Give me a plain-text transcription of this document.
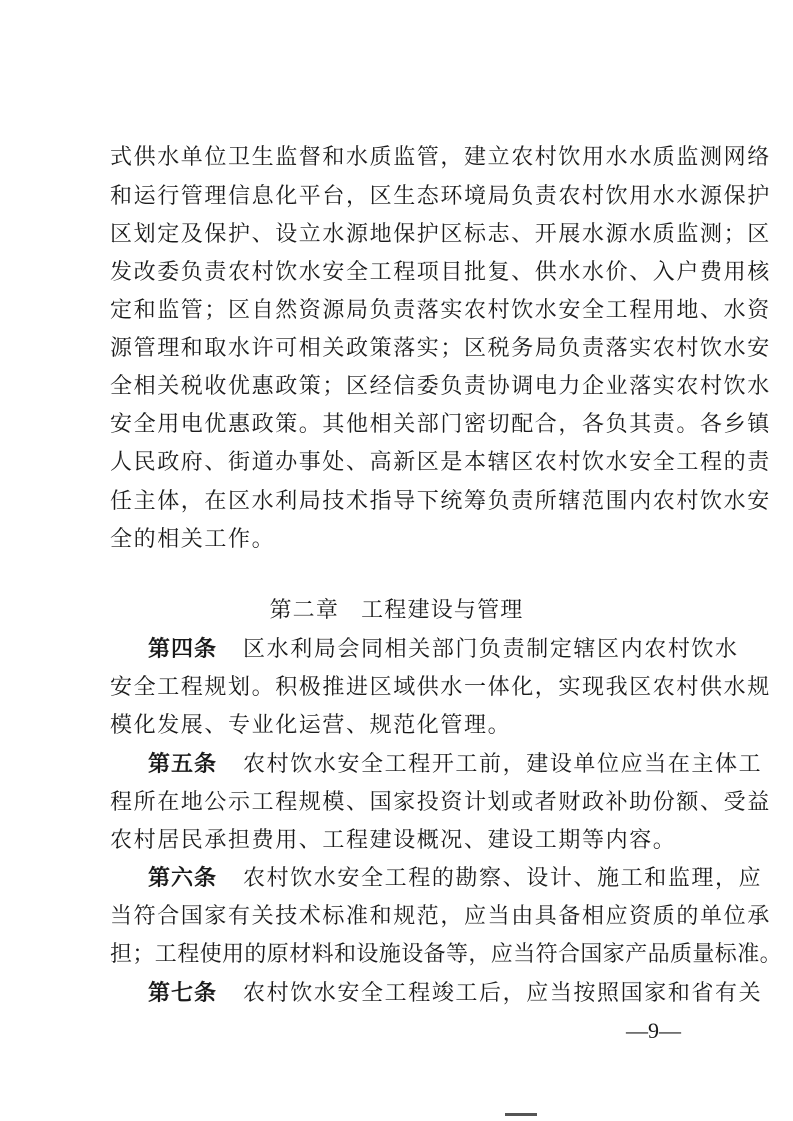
式供水单位卫生监督和水质监管，建立农村饮用水水质监测网络
和运行管理信息化平台，区生态环境局负责农村饮用水水源保护
区划定及保护、设立水源地保护区标志、开展水源水质监测；区
发改委负责农村饮水安全工程项目批复、供水水价、入户费用核
定和监管；区自然资源局负责落实农村饮水安全工程用地、水资
源管理和取水许可相关政策落实；区税务局负责落实农村饮水安
全相关税收优惠政策；区经信委负责协调电力企业落实农村饮水
安全用电优惠政策。其他相关部门密切配合，各负其责。各乡镇
人民政府、街道办事处、高新区是本辖区农村饮水安全工程的责
任主体，在区水利局技术指导下统筹负责所辖范围内农村饮水安
全的相关工作。
第二章 工程建设与管理
第四条 区水利局会同相关部门负责制定辖区内农村饮水
安全工程规划。积极推进区域供水一体化，实现我区农村供水规
模化发展、专业化运营、规范化管理。
第五条 农村饮水安全工程开工前，建设单位应当在主体工
程所在地公示工程规模、国家投资计划或者财政补助份额、受益
农村居民承担费用、工程建设概况、建设工期等内容。
第六条 农村饮水安全工程的勘察、设计、施工和监理，应
当符合国家有关技术标准和规范，应当由具备相应资质的单位承
担；工程使用的原材料和设施设备等，应当符合国家产品质量标准。
第七条 农村饮水安全工程竣工后，应当按照国家和省有关
—9—
